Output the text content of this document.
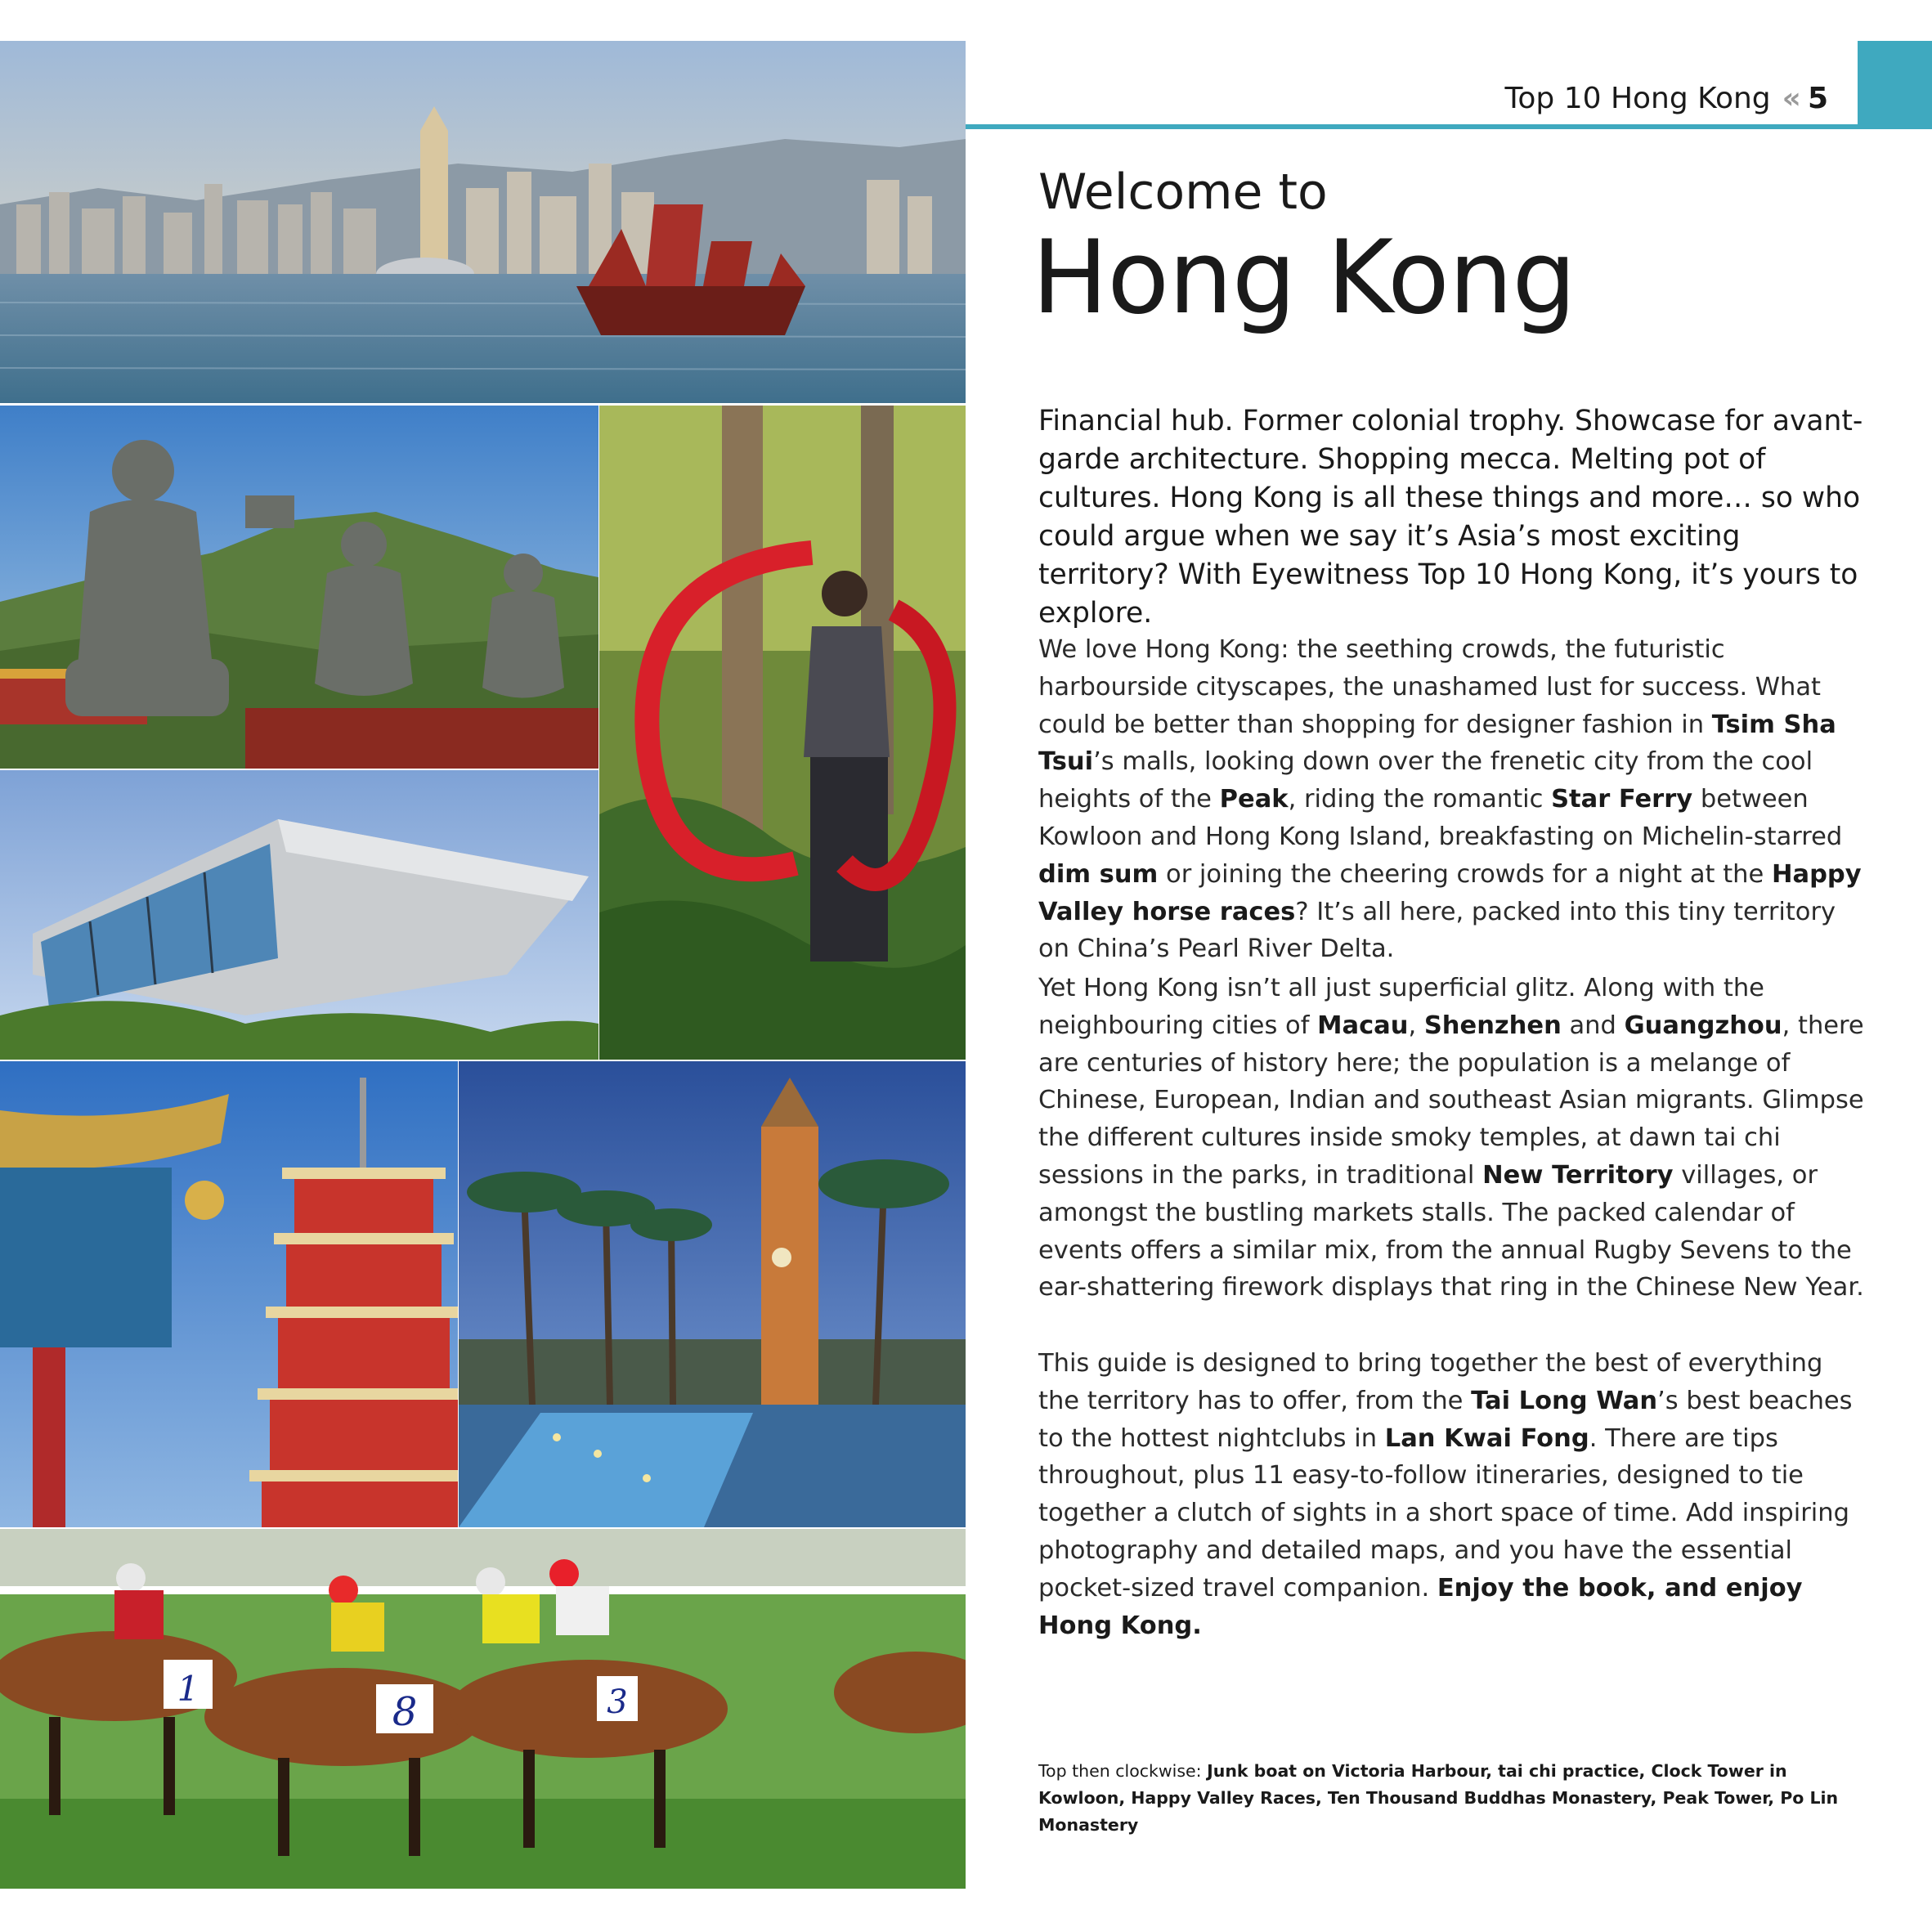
1
8	3
Top 10 Hong Kong « 5
Welcome to
Hong Kong
Financial hub. Former colonial trophy. Showcase for avant-garde architecture. Shopping mecca. Melting pot of cultures. Hong Kong is all these things and more… so who could argue when we say it’s Asia’s most exciting territory? With Eyewitness Top 10 Hong Kong, it’s yours to explore.
We love Hong Kong: the seething crowds, the futuristic harbourside cityscapes, the unashamed lust for success. What could be better than shopping for designer fashion in Tsim Sha Tsui’s malls, looking down over the frenetic city from the cool heights of the Peak, riding the romantic Star Ferry between Kowloon and Hong Kong Island, breakfasting on Michelin-starred dim sum or joining the cheering crowds for a night at the Happy Valley horse races? It’s all here, packed into this tiny territory on China’s Pearl River Delta.
Yet Hong Kong isn’t all just superficial glitz. Along with the neighbouring cities of Macau, Shenzhen and Guangzhou, there are centuries of history here; the population is a melange of Chinese, European, Indian and southeast Asian migrants. Glimpse the different cultures inside smoky temples, at dawn tai chi sessions in the parks, in traditional New Territory villages, or amongst the bustling markets stalls. The packed calendar of events offers a similar mix, from the annual Rugby Sevens to the ear-shattering firework displays that ring in the Chinese New Year.
This guide is designed to bring together the best of everything the territory has to offer, from the Tai Long Wan’s best beaches to the hottest nightclubs in Lan Kwai Fong. There are tips throughout, plus 11 easy-to-follow itineraries, designed to tie together a clutch of sights in a short space of time. Add inspiring photography and detailed maps, and you have the essential pocket-sized travel companion. Enjoy the book, and enjoy Hong Kong.
Top then clockwise: Junk boat on Victoria Harbour, tai chi practice, Clock Tower in Kowloon, Happy Valley Races, Ten Thousand Buddhas Monastery, Peak Tower, Po Lin Monastery
